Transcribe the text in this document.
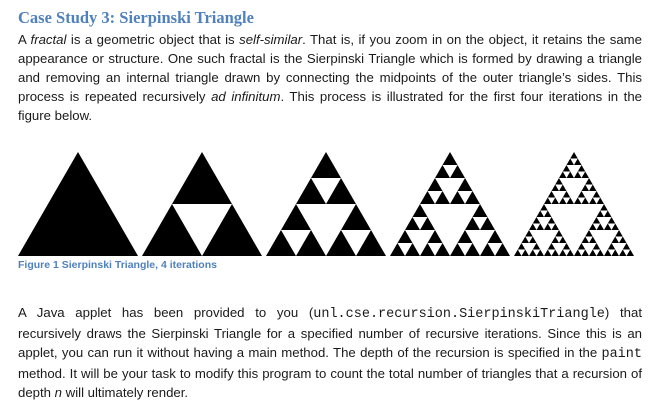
Case Study 3: Sierpinski Triangle

A fractal is a geometric object that is self-similar. That is, if you zoom in on the object, it retains the same appearance or structure. One such fractal is the Sierpinski Triangle which is formed by drawing a triangle and removing an internal triangle drawn by connecting the midpoints of the outer triangle’s sides. This process is repeated recursively ad infinitum. This process is illustrated for the first four iterations in the figure below.

Figure 1 Sierpinski Triangle, 4 iterations

A Java applet has been provided to you (unl.cse.recursion.SierpinskiTriangle) that recursively draws the Sierpinski Triangle for a specified number of recursive iterations. Since this is an applet, you can run it without having a main method. The depth of the recursion is specified in the paint method. It will be your task to modify this program to count the total number of triangles that a recursion of depth n will ultimately render.
